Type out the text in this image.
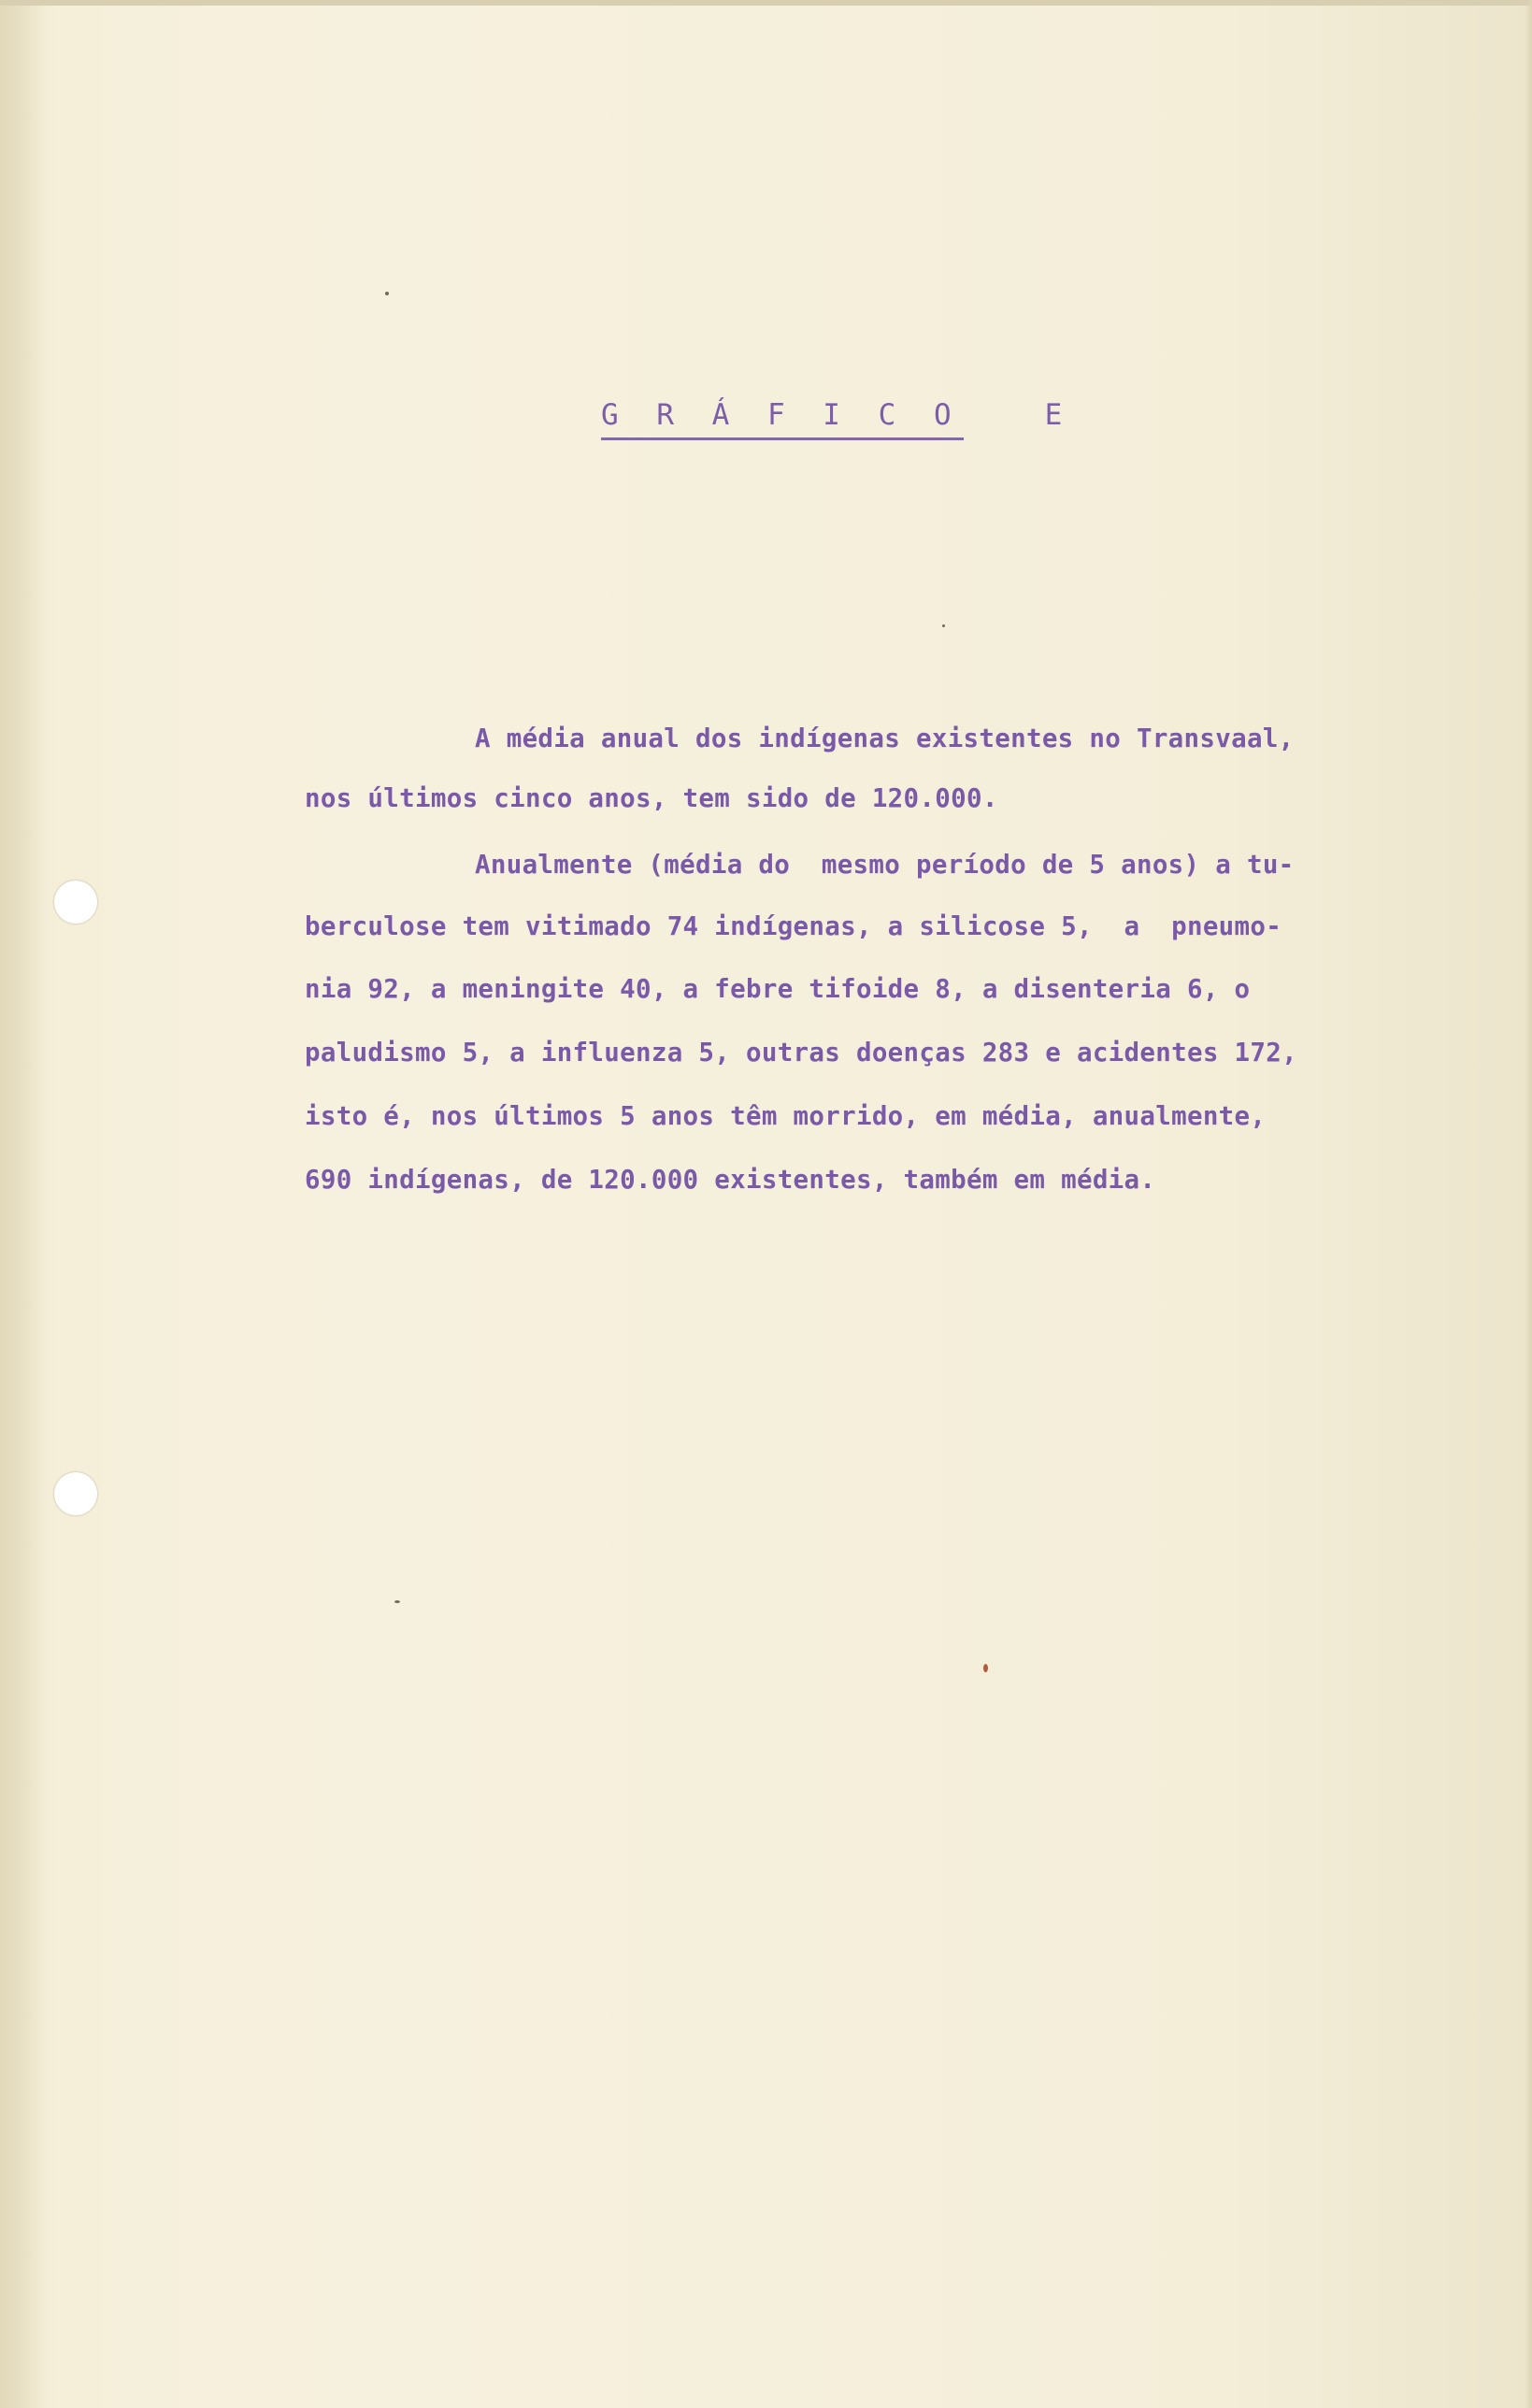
G R Á F I C O   E
A média anual dos indígenas existentes no Transvaal,
nos últimos cinco anos, tem sido de 120.000.
Anualmente (média do  mesmo período de 5 anos) a tu-
berculose tem vitimado 74 indígenas, a silicose 5,  a  pneumo-
nia 92, a meningite 40, a febre tifoide 8, a disenteria 6, o
paludismo 5, a influenza 5, outras doenças 283 e acidentes 172,
isto é, nos últimos 5 anos têm morrido, em média, anualmente,
690 indígenas, de 120.000 existentes, também em média.
